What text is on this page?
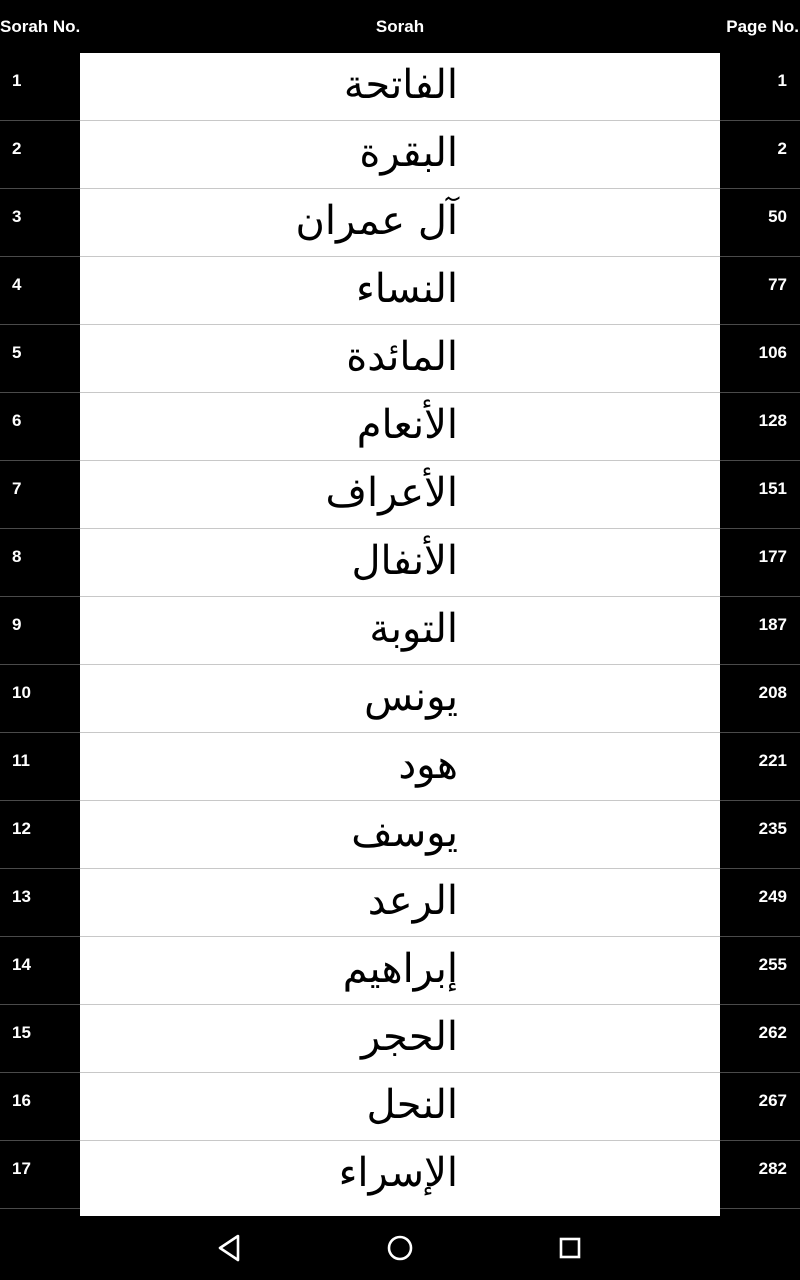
Sorah No.	Sorah	Page No.
1	الفاتحة	1
2	البقرة	2
3	آل عمران	50
4	النساء	77
5	المائدة	106
6	الأنعام	128
7	الأعراف	151
8	الأنفال	177
9	التوبة	187
10	يونس	208
11	هود	221
12	يوسف	235
13	الرعد	249
14	إبراهيم	255
15	الحجر	262
16	النحل	267
17	الإسراء	282
